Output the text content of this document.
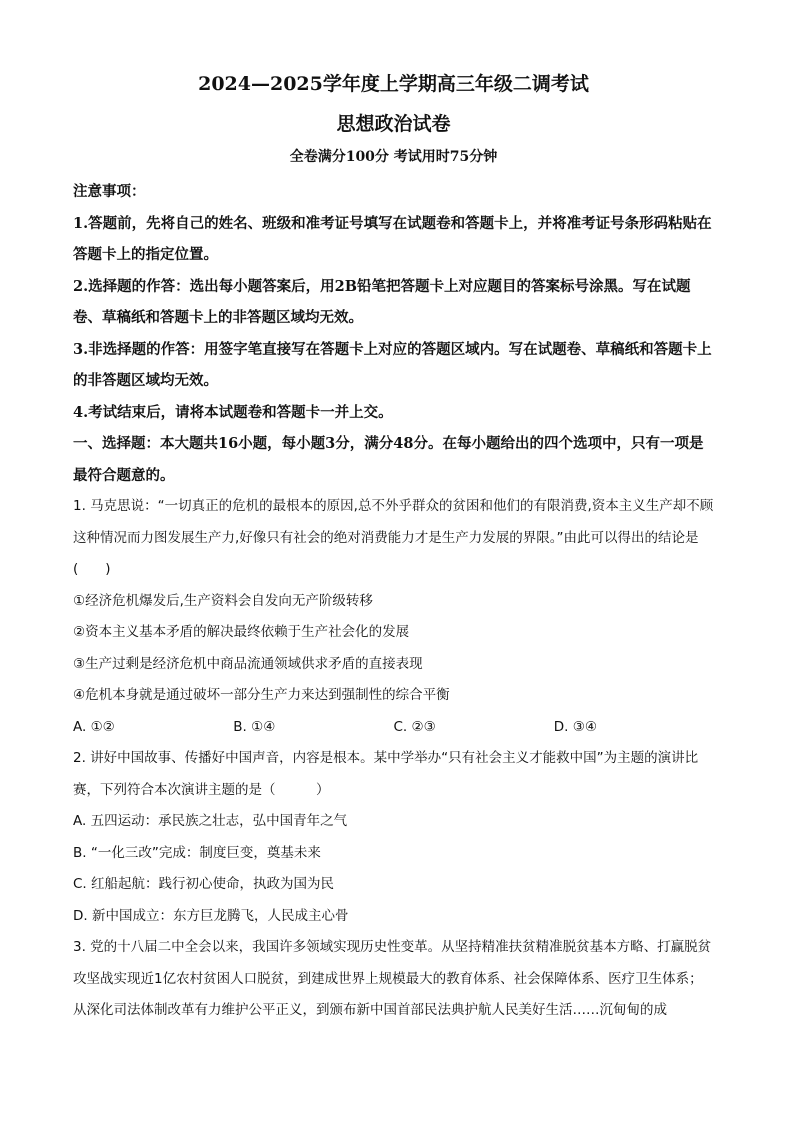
2024—2025学年度上学期高三年级二调考试
思想政治试卷
全卷满分100分 考试用时75分钟

注意事项：

1.答题前，先将自己的姓名、班级和准考证号填写在试题卷和答题卡上，并将准考证号条形码粘贴在答题卡上的指定位置。

2.选择题的作答：选出每小题答案后，用2B铅笔把答题卡上对应题目的答案标号涂黑。写在试题卷、草稿纸和答题卡上的非答题区域均无效。

3.非选择题的作答：用签字笔直接写在答题卡上对应的答题区域内。写在试题卷、草稿纸和答题卡上的非答题区域均无效。

4.考试结束后，请将本试题卷和答题卡一并上交。

一、选择题：本大题共16小题，每小题3分，满分48分。在每小题给出的四个选项中，只有一项是最符合题意的。

1. 马克思说：“一切真正的危机的最根本的原因,总不外乎群众的贫困和他们的有限消费,资本主义生产却不顾这种情况而力图发展生产力,好像只有社会的绝对消费能力才是生产力发展的界限。”由此可以得出的结论是(　　)

①经济危机爆发后,生产资料会自发向无产阶级转移

②资本主义基本矛盾的解决最终依赖于生产社会化的发展

③生产过剩是经济危机中商品流通领域供求矛盾的直接表现

④危机本身就是通过破坏一部分生产力来达到强制性的综合平衡

A. ①②	B. ①④	C. ②③	D. ③④

2. 讲好中国故事、传播好中国声音，内容是根本。某中学举办“只有社会主义才能救中国”为主题的演讲比赛，下列符合本次演讲主题的是（　　　）

A. 五四运动：承民族之壮志，弘中国青年之气

B. “一化三改”完成：制度巨变，奠基未来

C. 红船起航：践行初心使命，执政为国为民

D. 新中国成立：东方巨龙腾飞，人民成主心骨

3. 党的十八届二中全会以来，我国许多领域实现历史性变革。从坚持精准扶贫精准脱贫基本方略、打赢脱贫攻坚战实现近1亿农村贫困人口脱贫，到建成世界上规模最大的教育体系、社会保障体系、医疗卫生体系；从深化司法体制改革有力维护公平正义，到颁布新中国首部民法典护航人民美好生活……沉甸甸的成
